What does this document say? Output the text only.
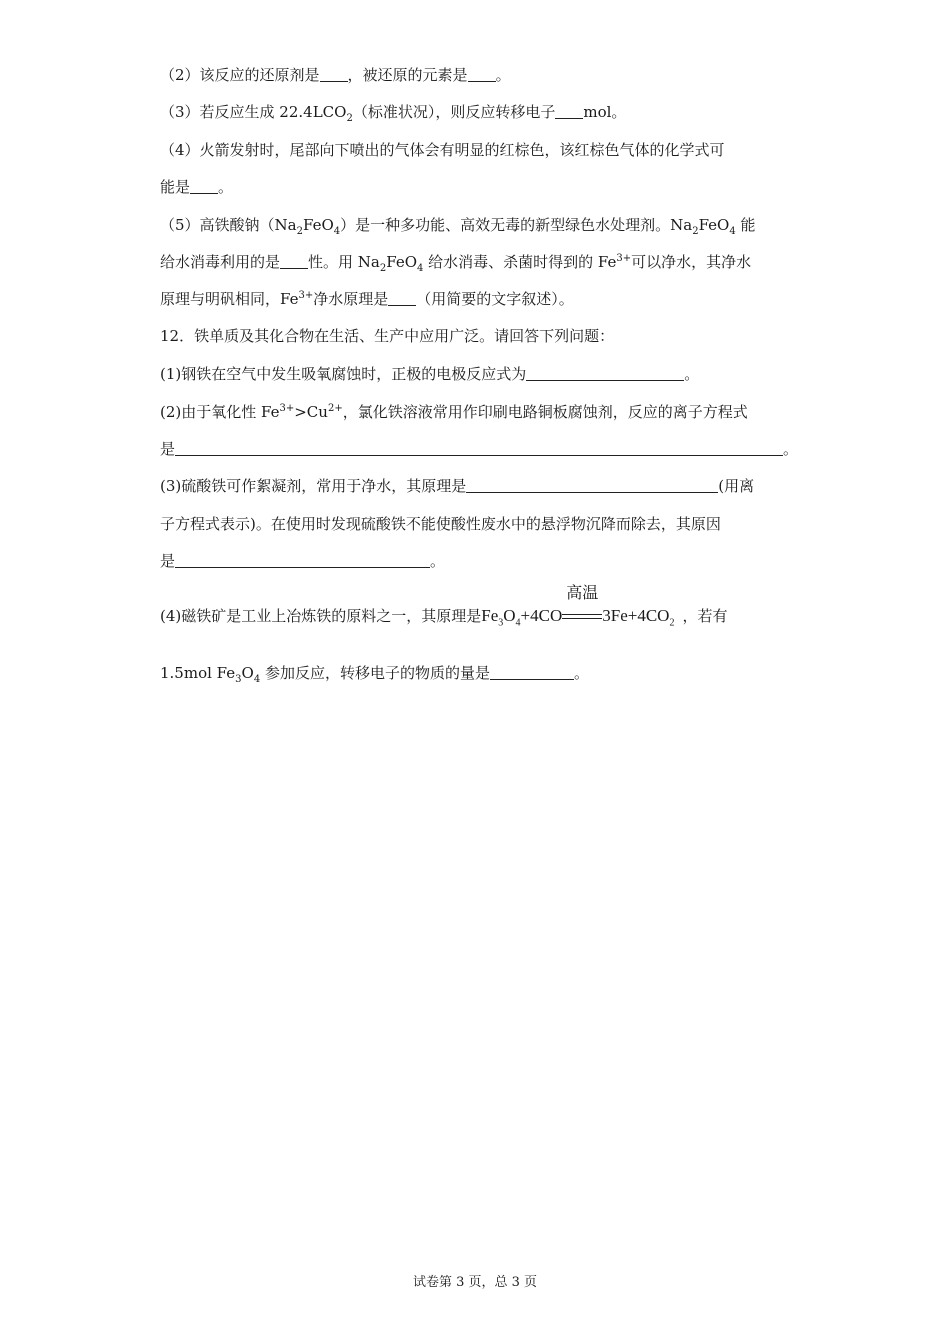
（2）该反应的还原剂是 ，被还原的元素是 。
（3）若反应生成 $22.4LCO_2$（标准状况），则反应转移电子 mol。
（4）火箭发射时，尾部向下喷出的气体会有明显的红棕色，该红棕色气体的化学式可
能是 。
（5）高铁酸钠$(Na_2FeO_4)$是一种多功能、高效无毒的新型绿色水处理剂。$Na_2FeO_4$ 能
给水消毒利用的是 性。用 $Na_2FeO_4$ 给水消毒、杀菌时得到的 $Fe^{3+}$可以净水，其净水
原理与明矾相同，$Fe^{3+}$净水原理是 （用简要的文字叙述）。
12．铁单质及其化合物在生活、生产中应用广泛。请回答下列问题：
(1)钢铁在空气中发生吸氧腐蚀时，正极的电极反应式为	。
(2)由于氧化性 $Fe^{3+}>Cu^{2+}$，氯化铁溶液常用作印刷电路铜板腐蚀剂，反应的离子方程式
是	。
(3)硫酸铁可作絮凝剂，常用于净水，其原理是	(用离
子方程式表示)。在使用时发现硫酸铁不能使酸性废水中的悬浮物沉降而除去，其原因
是	。
(4)磁铁矿是工业上冶炼铁的原料之一，其原理是$Fe_3O_4+4CO$
高温
$3Fe+4CO_2$ ，若有
1.5mol $Fe_3O_4$ 参加反应，转移电子的物质的量是	。
试卷第 3 页，总 3 页
